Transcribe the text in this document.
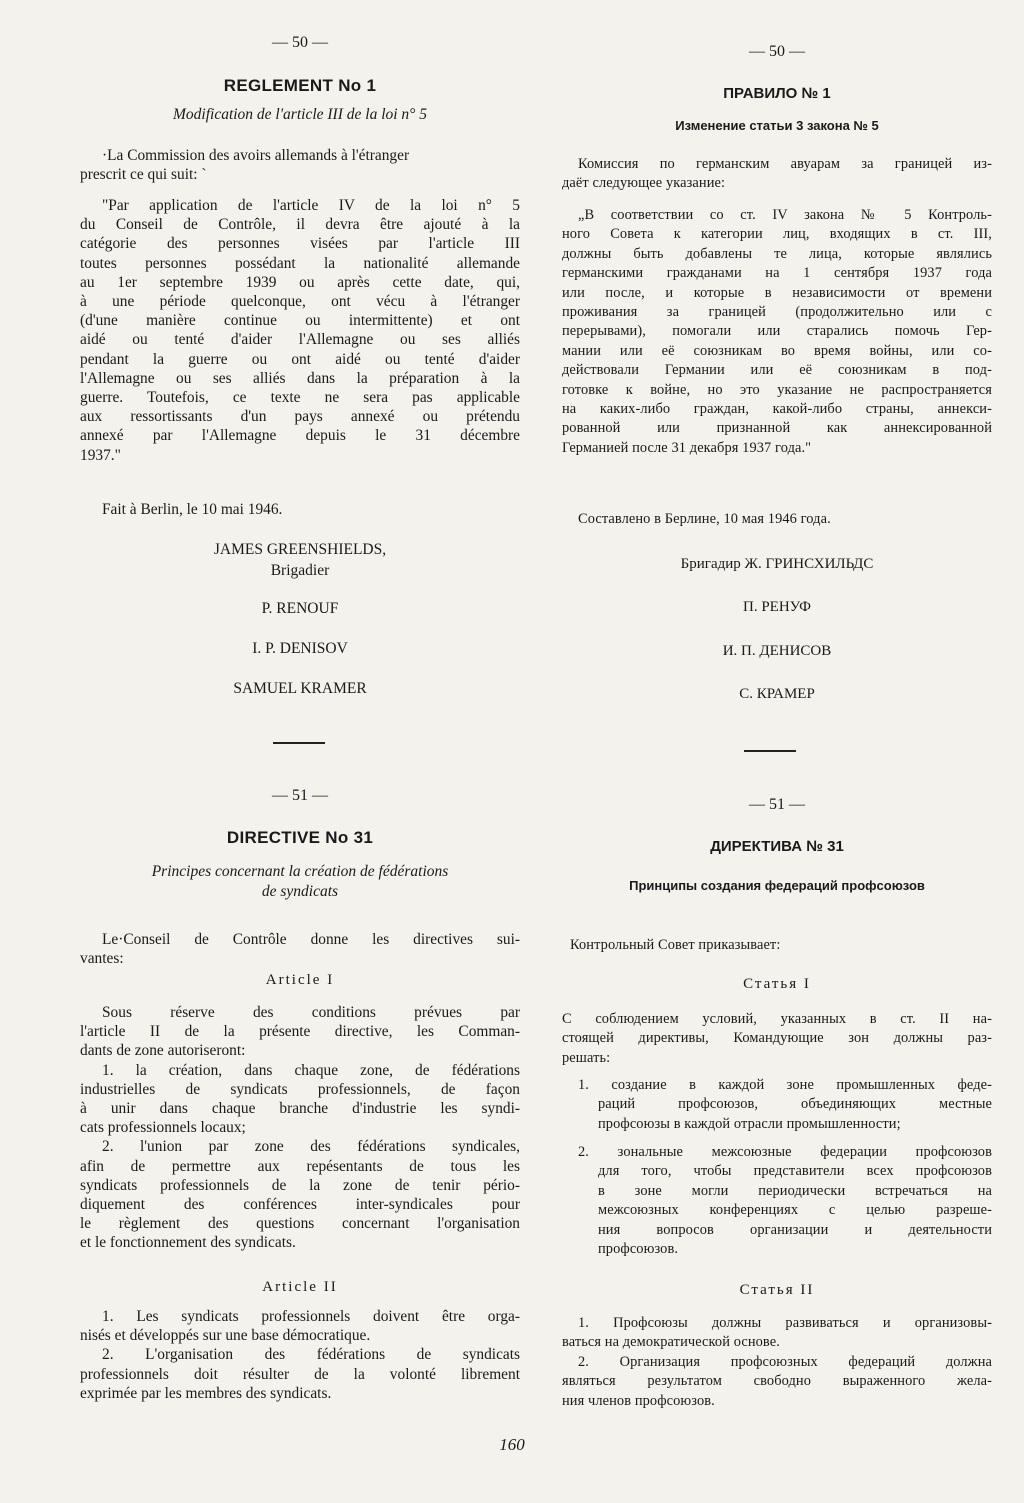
— 50 —
REGLEMENT No 1
Modification de l'article III de la loi n° 5
·La Commission des avoirs allemands à l'étranger
prescrit ce qui suit: `
"Par application de l'article IV de la loi n° 5
du Conseil de Contrôle, il devra être ajouté à la
catégorie des personnes visées par l'article III
toutes personnes possédant la nationalité allemande
au 1er septembre 1939 ou après cette date, qui,
à une période quelconque, ont vécu à l'étranger
(d'une manière continue ou intermittente) et ont
aidé ou tenté d'aider l'Allemagne ou ses alliés
pendant la guerre ou ont aidé ou tenté d'aider
l'Allemagne ou ses alliés dans la préparation à la
guerre. Toutefois, ce texte ne sera pas applicable
aux ressortissants d'un pays annexé ou prétendu
annexé par l'Allemagne depuis le 31 décembre
1937."
Fait à Berlin, le 10 mai 1946.
JAMES GREENSHIELDS,
Brigadier
P. RENOUF
I. P. DENISOV
SAMUEL KRAMER
— 51 —
DIRECTIVE No 31
Principes concernant la création de fédérations
de syndicats
Le·Conseil de Contrôle donne les directives sui-
vantes:
Article I
Sous réserve des conditions prévues par
l'article II de la présente directive, les Comman-
dants de zone autoriseront:
1. la création, dans chaque zone, de fédérations
industrielles de syndicats professionnels, de façon
à unir dans chaque branche d'industrie les syndi-
cats professionnels locaux;
2. l'union par zone des fédérations syndicales,
afin de permettre aux repésentants de tous les
syndicats professionnels de la zone de tenir pério-
diquement des conférences inter-syndicales pour
le règlement des questions concernant l'organisation
et le fonctionnement des syndicats.
Article II
1. Les syndicats professionnels doivent être orga-
nisés et développés sur une base démocratique.
2. L'organisation des fédérations de syndicats
professionnels doit résulter de la volonté librement
exprimée par les membres des syndicats.
— 50 —
ПРАВИЛО № 1
Изменение статьи 3 закона № 5
Комиссия по германским авуарам за границей из-
даёт следующее указание:
„В соответствии со ст. IV закона № 5 Контроль-
ного Совета к категории лиц, входящих в ст. III,
должны быть добавлены те лица, которые являлись
германскими гражданами на 1 сентября 1937 года
или после, и которые в независимости от времени
проживания за границей (продолжительно или с
перерывами), помогали или старались помочь Гер-
мании или её союзникам во время войны, или со-
действовали Германии или её союзникам в под-
готовке к войне, но это указание не распространяется
на каких-либо граждан, какой-либо страны, аннекси-
рованной или признанной как аннексированной
Германией после 31 декабря 1937 года."
Составлено в Берлине, 10 мая 1946 года.
Бригадир Ж. ГРИНСХИЛЬДС
П. РЕНУФ
И. П. ДЕНИСОВ
С. КРАМЕР
— 51 —
ДИРЕКТИВА № 31
Принципы создания федераций профсоюзов
Контрольный Совет приказывает:
Статья I
С соблюдением условий, указанных в ст. II на-
стоящей директивы, Командующие зон должны раз-
решать:
1. создание в каждой зоне промышленных феде-
раций профсоюзов, объединяющих местные
профсоюзы в каждой отрасли промышленности;
2. зональные межсоюзные федерации профсоюзов
для того, чтобы представители всех профсоюзов
в зоне могли периодически встречаться на
межсоюзных конференциях с целью разреше-
ния вопросов организации и деятельности
профсоюзов.
Статья II
1. Профсоюзы должны развиваться и организовы-
ваться на демократической основе.
2. Организация профсоюзных федераций должна
являться результатом свободно выраженного жела-
ния членов профсоюзов.
160
